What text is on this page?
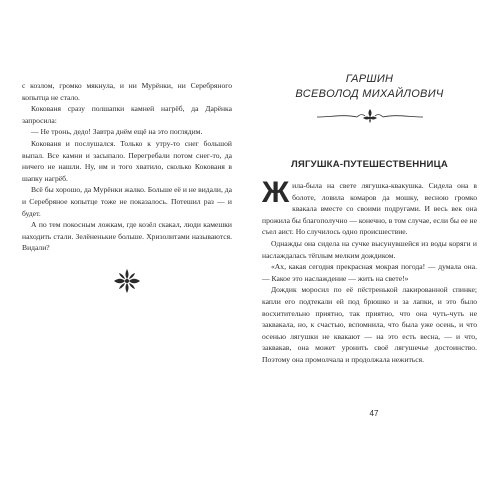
с козлом, громко мякнула, и ни Мурёнки, ни Серебряного копытца не стало.

Кокованя сразу полшапки камней нагрёб, да Дарёнка запросила:

— Не тронь, дедо! Завтра днём ещё на это поглядим.

Кокованя и послушался. Только к утру-то снег большой выпал. Все камни и засыпало. Перегребали потом снег-то, да ничего не нашли. Ну, им и того хватило, сколько Кокованя в шапку нагрёб.

Всё бы хорошо, да Мурёнки жалко. Больше её и не видали, да и Серебряное копытце тоже не показалось. Потешил раз — и будет.

А по тем покосным ложкам, где козёл скакал, люди камешки находить стали. Зелёненькие больше. Хризолитами называются. Видали?

ГАРШИН

ВСЕВОЛОД МИХАЙЛОВИЧ

ЛЯГУШКА-ПУТЕШЕСТВЕННИЦА

Жила-была на свете лягушка-квакушка. Сидела она в болоте, ловила комаров да мошку, весною громко квакала вместе со своими подругами. И весь век она прожила бы благополучно — конечно, в том случае, если бы ее не съел аист. Но случилось одно происшествие.

Однажды она сидела на сучке высунувшейся из воды коряги и наслаждалась тёплым мелким дождиком.

«Ах, какая сегодня прекрасная мокрая погода! — думала она. — Какое это наслаждение — жить на свете!»

Дождик моросил по её пёстренькой лакированной спинке; капли его подтекали ей под брюшко и за лапки, и это было восхитительно приятно, так приятно, что она чуть-чуть не заквакала, но, к счастью, вспомнила, что была уже осень, и что осенью лягушки не квакают — на это есть весна, — и что, заквакав, она может уронить своё лягушечье достоинство. Поэтому она промолчала и продолжала нежиться.

47
